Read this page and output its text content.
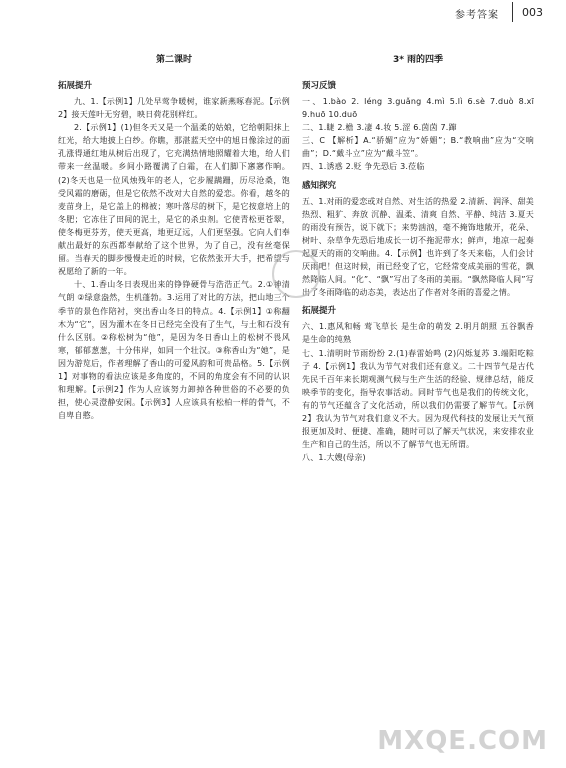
参考答案 003
第二课时
拓展提升

九、1.【示例1】几处早莺争暖树，谁家新燕啄春泥。【示例2】接天莲叶无穷碧，映日荷花别样红。

2.【示例1】(1)但冬天又是一个温柔的姑娘，它给朝阳抹上红光，给大地披上白纱。你瞧，那湛蓝天空中的旭日像涂过的面孔涨得通红地从树后出现了，它充满热情地照耀着大地，给人们带来一丝温暖。乡间小路覆满了白霜，在人们脚下窸窸作响。(2)冬天也是一位风烛残年的老人，它步履蹒跚，历尽沧桑，饱受风霜的磨砺，但是它依然不改对大自然的爱恋。你看，越冬的麦苗身上，是它盖上的棉被；寒叶落尽的树下，是它按意培上的冬肥；它冻住了田间的泥土，是它的杀虫剂。它使青松更苍翠，使冬梅更芬芳，使天更高，地更辽远，人们更坚强。它向人们奉献出最好的东西都奉献给了这个世界，为了自己，没有丝毫保留。当春天的脚步慢慢走近的时候，它依然张开大手，把希望与祝愿给了新的一年。

十、1.香山冬日表现出来的铮铮硬骨与浩浩正气。2.①神清气朗 ②绿意盎然，生机蓬勃。3.运用了对比的方法，把山地三个季节的景色作陪衬，突出香山冬日的特点。4.【示例1】①称翻木为“它”，因为灌木在冬日已经完全没有了生气，与土和石没有什么区别。②称松树为“他”，是因为冬日香山上的松树不畏风寒，郁郁葱葱，十分伟岸，如同一个壮汉。③称香山为“她”，是因为游览后，作者理解了香山的可爱风韵和可贵品格。5.【示例1】对事物的看法应该是多角度的，不同的角度会有不同的认识和理解。【示例2】作为人应该努力卸掉各种世俗的不必要的负担，使心灵澄静安闲。【示例3】人应该具有松柏一样的骨气，不自卑自憨。

3* 雨的四季
预习反馈

一、1.bào 2. léng 3.guǎng 4.mì 5.lì 6.sè 7.duò 8.xī 9.huō 10.duō

二、1.睫 2.檐 3.凄 4.妆 5.涩 6.茵茵 7.蹿

三、C 【解析】A.“骄媚”应为“娇媚”；B.“教响曲”应为“交响曲”；D.“戴斗立”应为“戴斗笠”。

四、1.诱惑 2.贬 争先恐后 3.莅临

感知探究

五、1.对雨的爱恋或对自然、对生活的热爱 2.清新、润泽、甜美 热烈、粗犷、奔放 沉静、温柔、清爽 自然、平静、纯洁 3.夏天的雨没有预告，说下就下；来势汹汹，毫不掩饰地敞开，花朵、树叶、杂草争先恐后地成长一切不拖泥带水；鲜声，地凉一起奏起夏天的雨的交响曲。4.【示例】也许到了冬天来临，人们会讨厌雨吧！但这时候，雨已经变了它，它经常变成美丽的雪花，飘然降临人间。“化”、“飘”写出了冬雨的美丽。“飘然降临人间”写出了冬雨降临的动态美，表达出了作者对冬雨的喜爱之情。

拓展提升

六、1.惠风和畅 莺飞草长 是生命的萌发 2.明月朗照 五谷飘香 是生命的纯熟

七、1.清明时节雨纷纷 2.(1)春雷始鸣 (2)闪烁复苏 3.端阳吃粽子 4.【示例1】我认为节气对我们还有意义。二十四节气是古代先民千百年来长期观测气候与生产生活的经验、规律总结，能反映季节的变化，指导农事活动。同时节气也是我们的传统文化，有的节气还蕴含了文化活动，所以我们仍需要了解节气。【示例2】我认为节气对我们意义不大。因为现代科技的发展让天气预报更加及时、便捷、准确，随时可以了解天气状况，来安排农业生产和自己的生活，所以不了解节气也无所谓。

八、1.大嫂(母亲)

MXQE.COM
